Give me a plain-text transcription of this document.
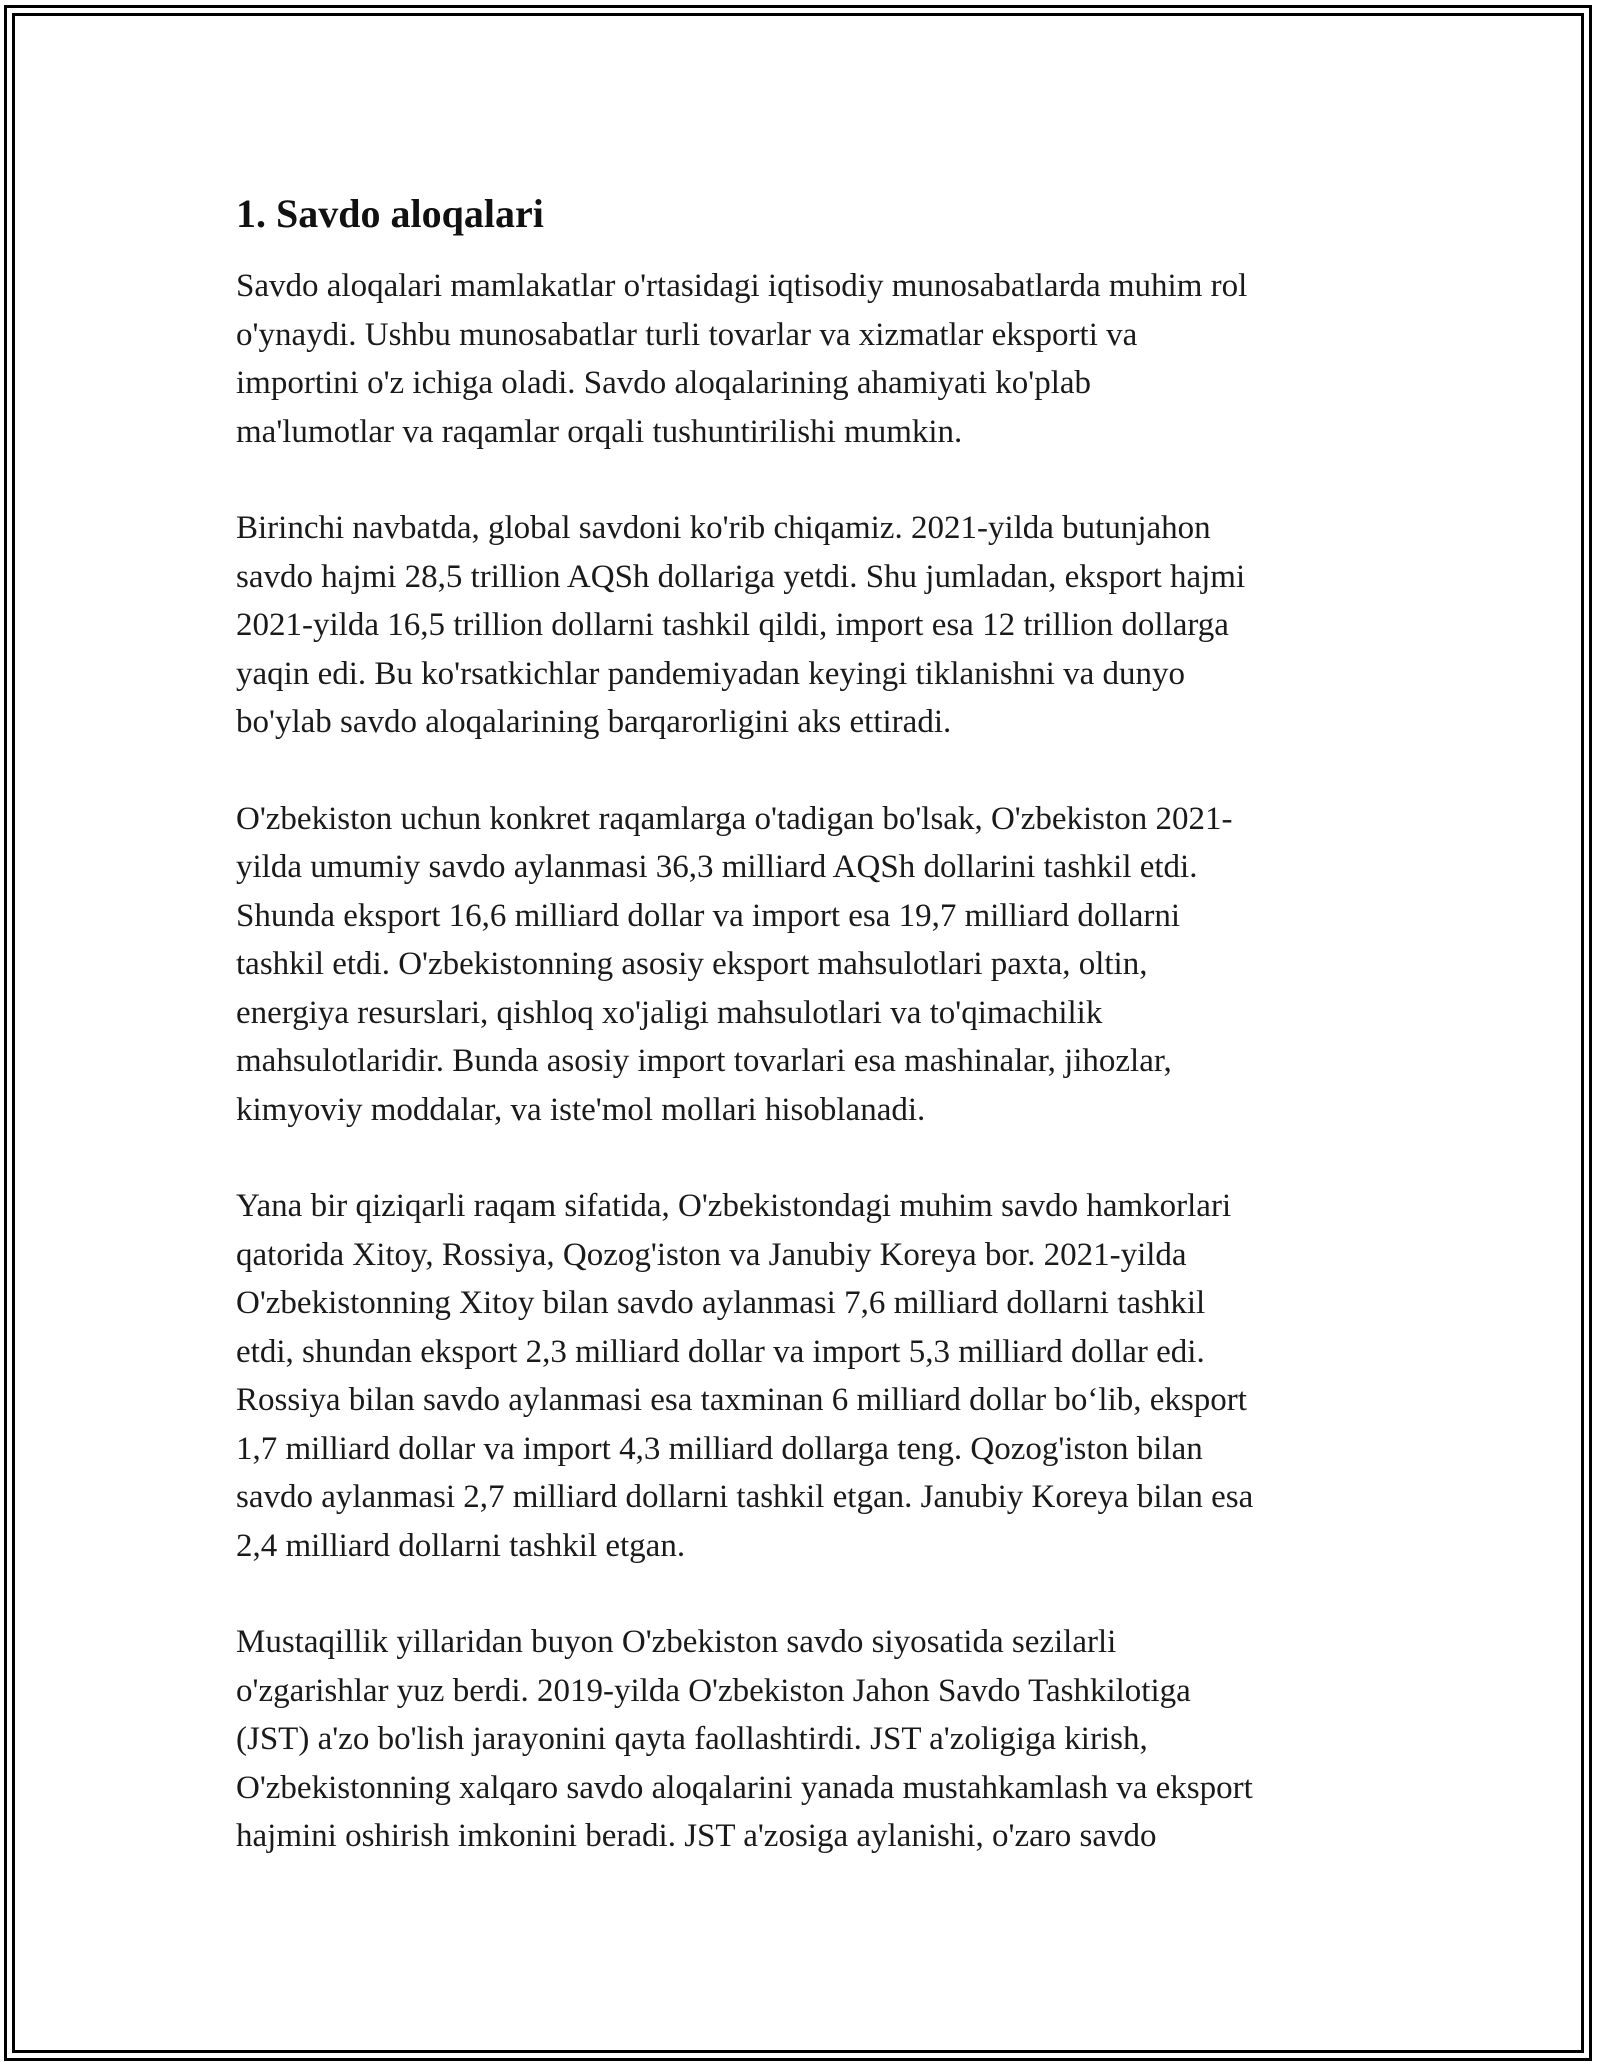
1. Savdo aloqalari

Savdo aloqalari mamlakatlar o'rtasidagi iqtisodiy munosabatlarda muhim rol
o'ynaydi. Ushbu munosabatlar turli tovarlar va xizmatlar eksporti va
importini o'z ichiga oladi. Savdo aloqalarining ahamiyati ko'plab
ma'lumotlar va raqamlar orqali tushuntirilishi mumkin.

Birinchi navbatda, global savdoni ko'rib chiqamiz. 2021-yilda butunjahon
savdo hajmi 28,5 trillion AQSh dollariga yetdi. Shu jumladan, eksport hajmi
2021-yilda 16,5 trillion dollarni tashkil qildi, import esa 12 trillion dollarga
yaqin edi. Bu ko'rsatkichlar pandemiyadan keyingi tiklanishni va dunyo
bo'ylab savdo aloqalarining barqarorligini aks ettiradi.

O'zbekiston uchun konkret raqamlarga o'tadigan bo'lsak, O'zbekiston 2021-
yilda umumiy savdo aylanmasi 36,3 milliard AQSh dollarini tashkil etdi.
Shunda eksport 16,6 milliard dollar va import esa 19,7 milliard dollarni
tashkil etdi. O'zbekistonning asosiy eksport mahsulotlari paxta, oltin,
energiya resurslari, qishloq xo'jaligi mahsulotlari va to'qimachilik
mahsulotlaridir. Bunda asosiy import tovarlari esa mashinalar, jihozlar,
kimyoviy moddalar, va iste'mol mollari hisoblanadi.

Yana bir qiziqarli raqam sifatida, O'zbekistondagi muhim savdo hamkorlari
qatorida Xitoy, Rossiya, Qozog'iston va Janubiy Koreya bor. 2021-yilda
O'zbekistonning Xitoy bilan savdo aylanmasi 7,6 milliard dollarni tashkil
etdi, shundan eksport 2,3 milliard dollar va import 5,3 milliard dollar edi.
Rossiya bilan savdo aylanmasi esa taxminan 6 milliard dollar bo‘lib, eksport
1,7 milliard dollar va import 4,3 milliard dollarga teng. Qozog'iston bilan
savdo aylanmasi 2,7 milliard dollarni tashkil etgan. Janubiy Koreya bilan esa
2,4 milliard dollarni tashkil etgan.

Mustaqillik yillaridan buyon O'zbekiston savdo siyosatida sezilarli
o'zgarishlar yuz berdi. 2019-yilda O'zbekiston Jahon Savdo Tashkilotiga
(JST) a'zo bo'lish jarayonini qayta faollashtirdi. JST a'zoligiga kirish,
O'zbekistonning xalqaro savdo aloqalarini yanada mustahkamlash va eksport
hajmini oshirish imkonini beradi. JST a'zosiga aylanishi, o'zaro savdo
